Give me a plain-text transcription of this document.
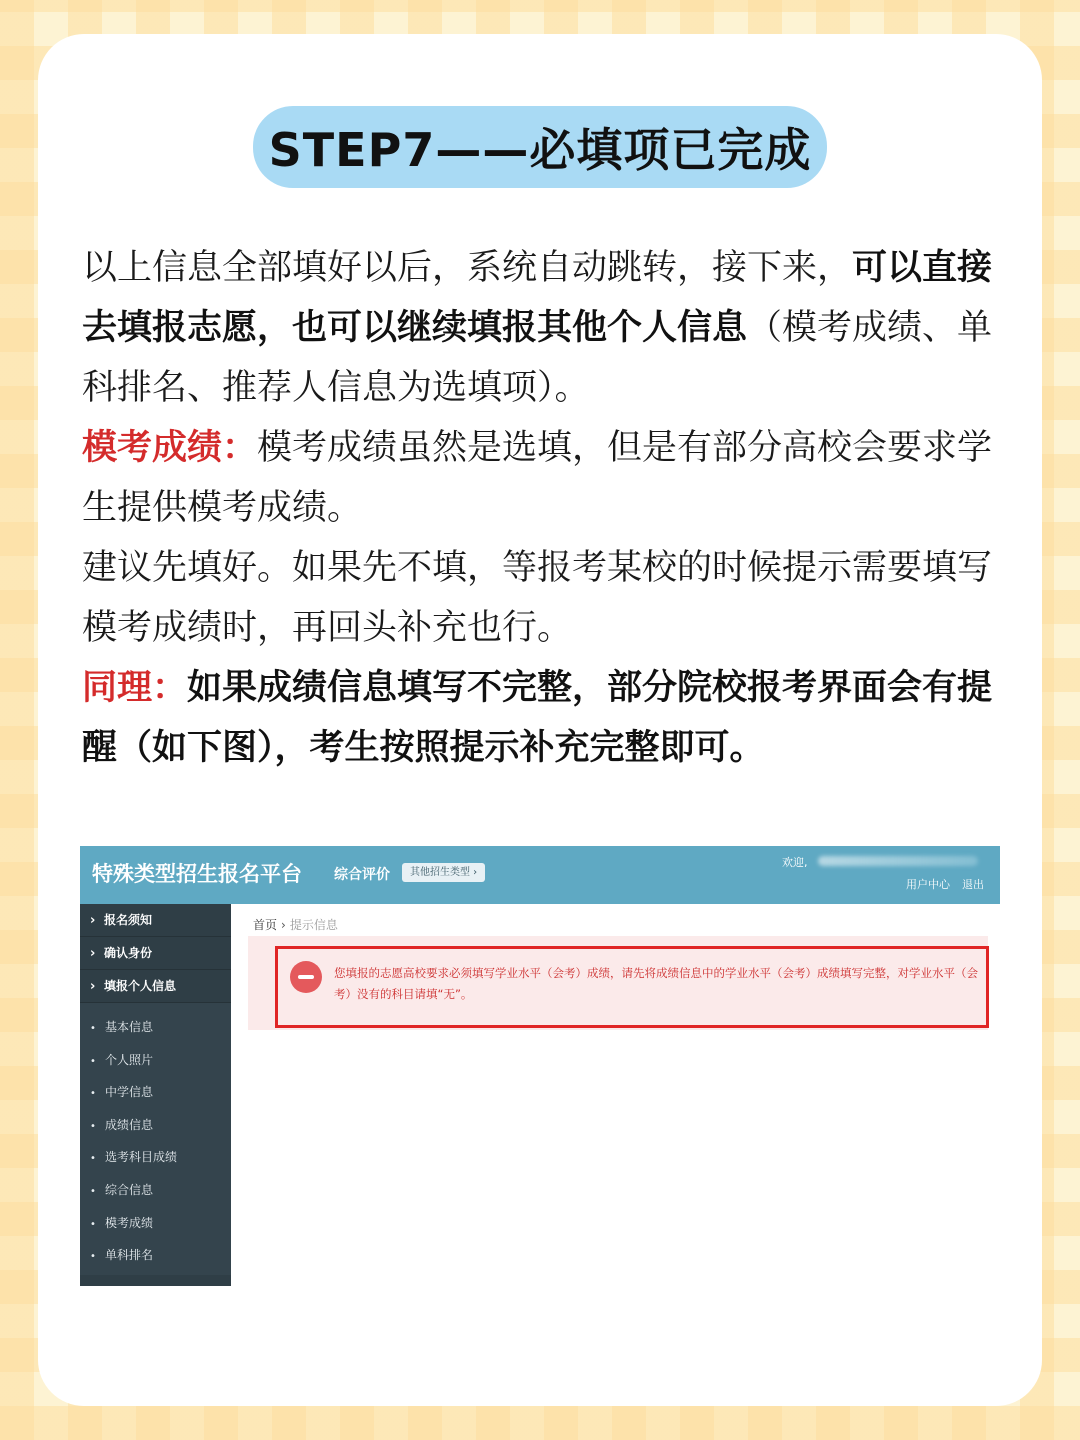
STEP7——必填项已完成
以上信息全部填好以后，系统自动跳转，接下来，可以直接去填报志愿，也可以继续填报其他个人信息（模考成绩、单科排名、推荐人信息为选填项）。
模考成绩：模考成绩虽然是选填，但是有部分高校会要求学生提供模考成绩。
建议先填好。如果先不填，等报考某校的时候提示需要填写模考成绩时，再回头补充也行。
同理：如果成绩信息填写不完整，部分院校报考界面会有提醒（如下图），考生按照提示补充完整即可。
特殊类型招生报名平台 综合评价	其他招生类型 ›
欢迎,
用户中心 退出
› 报名须知
› 确认身份
› 填报个人信息
• 基本信息
• 个人照片
• 中学信息
• 成绩信息
• 选考科目成绩
• 综合信息
• 模考成绩
• 单科排名
首页 › 提示信息
您填报的志愿高校要求必须填写学业水平（会考）成绩，请先将成绩信息中的学业水平（会考）成绩填写完整，对学业水平（会考）没有的科目请填“无”。
